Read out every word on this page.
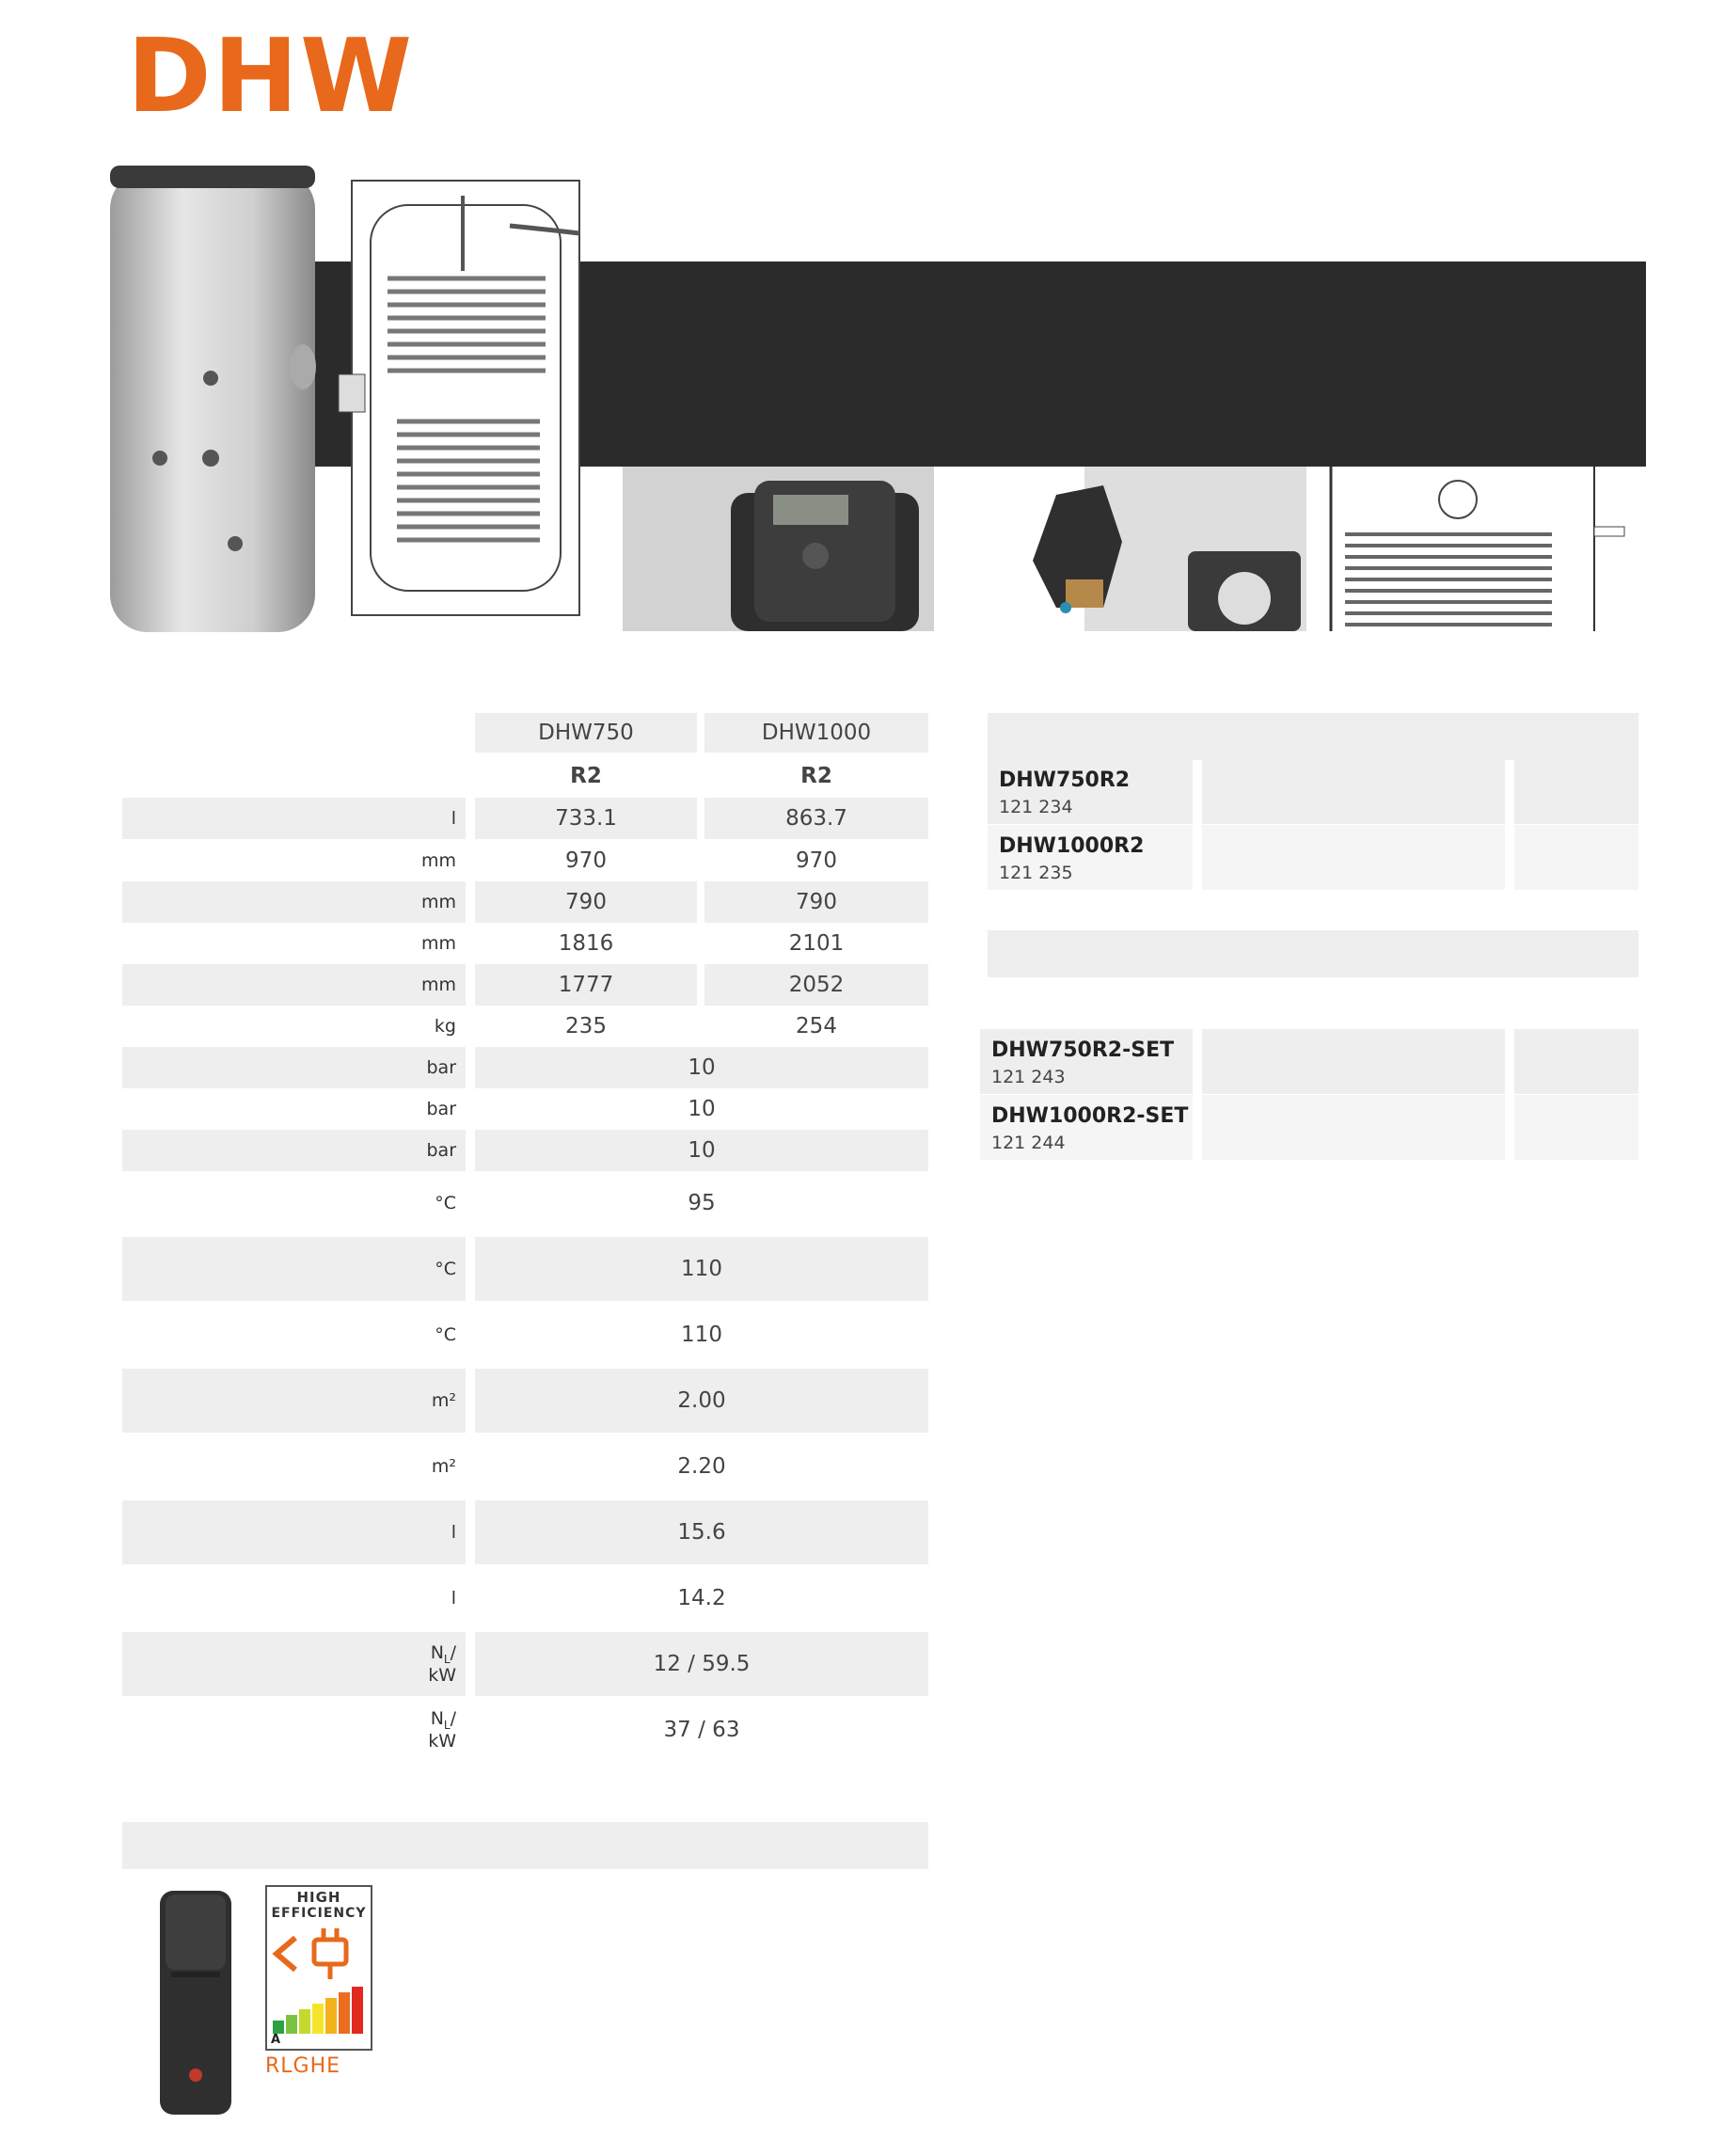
DHW
DHW750	DHW1000
R2	R2
l	733.1	863.7
mm	970	970
mm	790	790
mm	1816	2101
mm	1777	2052
kg	235	254
bar	10
bar	10
bar	10
°C	95
°C	110
°C	110
m²	2.00
m²	2.20
l	15.6
l	14.2
$N_L/$
kW	12 / 59.5
$N_L/$
kW	37 / 63
DHW750R2
121 234
DHW1000R2
121 235
DHW750R2-SET
121 243
DHW1000R2-SET
121 244
HIGH
EFFICIENCY
A
RLGHE
